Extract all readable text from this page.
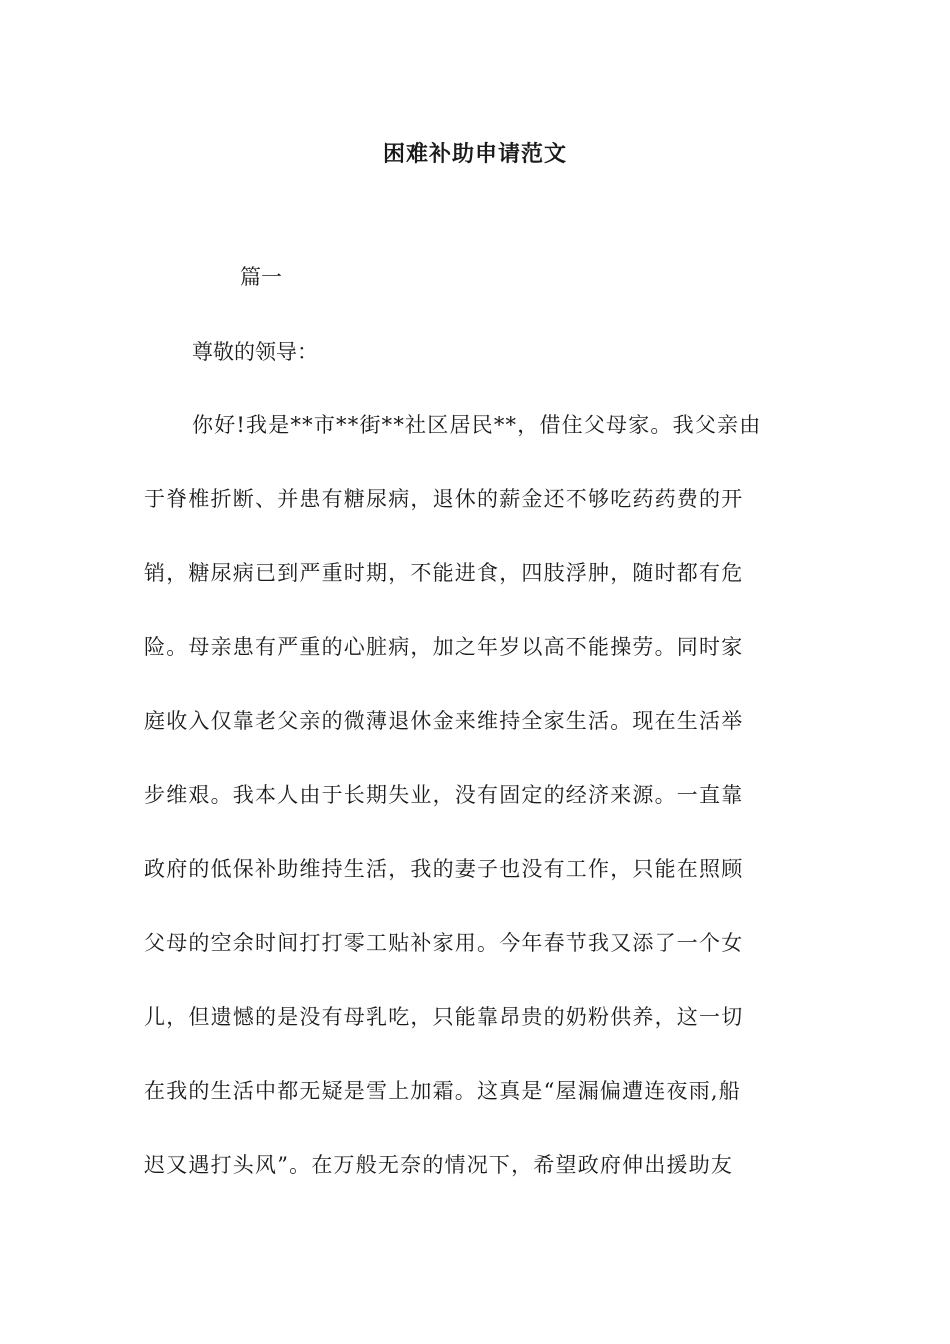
困难补助申请范文
篇一
尊敬的领导：
你好!我是**市**街**社区居民**，借住父母家。我父亲由
于脊椎折断、并患有糖尿病，退休的薪金还不够吃药药费的开
销，糖尿病已到严重时期，不能进食，四肢浮肿，随时都有危
险。母亲患有严重的心脏病，加之年岁以高不能操劳。同时家
庭收入仅靠老父亲的微薄退休金来维持全家生活。现在生活举
步维艰。我本人由于长期失业，没有固定的经济来源。一直靠
政府的低保补助维持生活，我的妻子也没有工作，只能在照顾
父母的空余时间打打零工贴补家用。今年春节我又添了一个女
儿，但遗憾的是没有母乳吃，只能靠昂贵的奶粉供养，这一切
在我的生活中都无疑是雪上加霜。这真是“屋漏偏遭连夜雨,船
迟又遇打头风”。在万般无奈的情况下，希望政府伸出援助友
